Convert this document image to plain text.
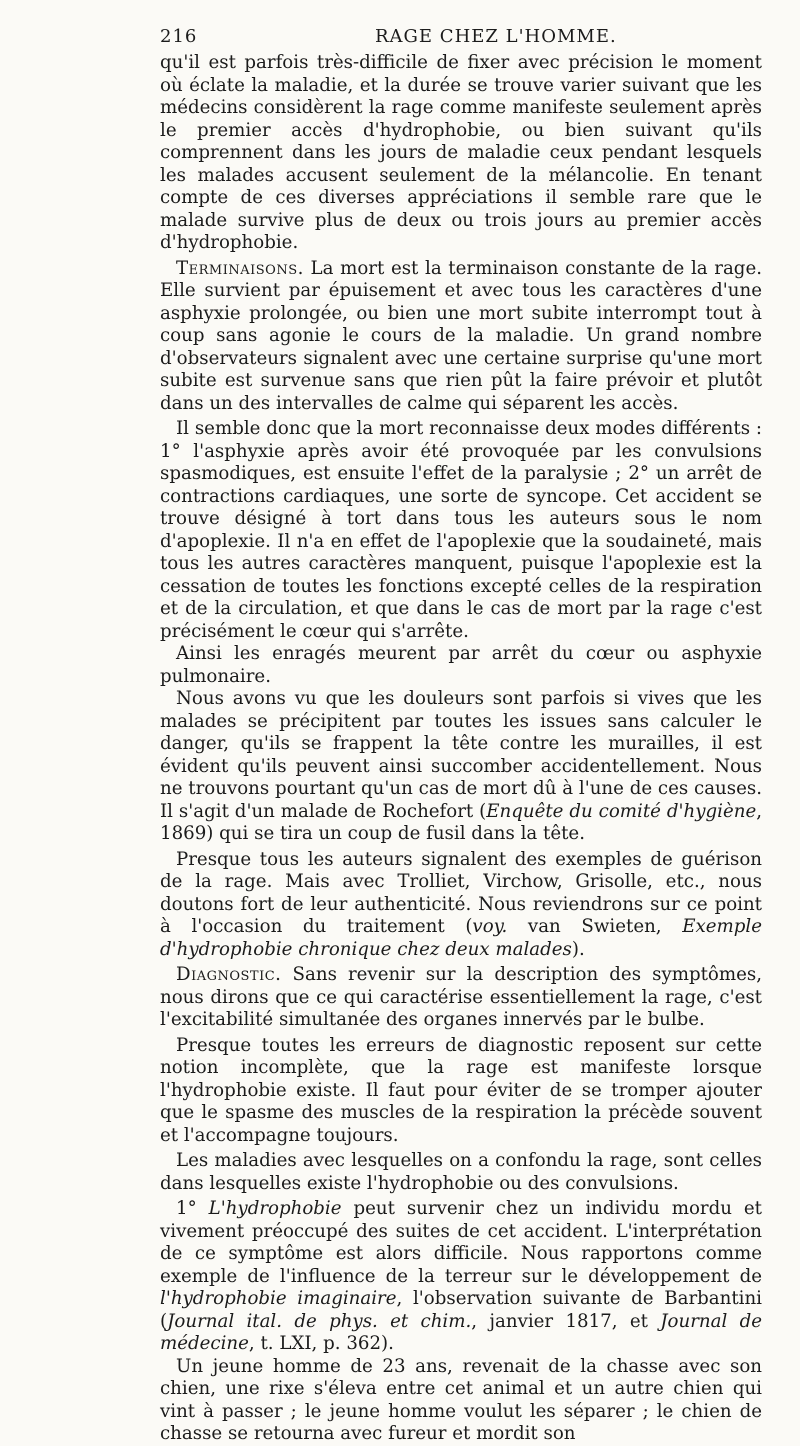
216	RAGE CHEZ L'HOMME.

qu'il est parfois très-difficile de fixer avec précision le moment où éclate la maladie, et la durée se trouve varier suivant que les médecins considèrent la rage comme manifeste seulement après le premier accès d'hydrophobie, ou bien suivant qu'ils comprennent dans les jours de maladie ceux pendant lesquels les malades accusent seulement de la mélancolie. En tenant compte de ces diverses appréciations il semble rare que le malade survive plus de deux ou trois jours au premier accès d'hydrophobie.

Terminaisons. La mort est la terminaison constante de la rage. Elle survient par épuisement et avec tous les caractères d'une asphyxie prolongée, ou bien une mort subite interrompt tout à coup sans agonie le cours de la maladie. Un grand nombre d'observateurs signalent avec une certaine surprise qu'une mort subite est survenue sans que rien pût la faire prévoir et plutôt dans un des intervalles de calme qui séparent les accès.

Il semble donc que la mort reconnaisse deux modes différents : 1° l'asphyxie après avoir été provoquée par les convulsions spasmodiques, est ensuite l'effet de la paralysie ; 2° un arrêt de contractions cardiaques, une sorte de syncope. Cet accident se trouve désigné à tort dans tous les auteurs sous le nom d'apoplexie. Il n'a en effet de l'apoplexie que la soudaineté, mais tous les autres caractères manquent, puisque l'apoplexie est la cessation de toutes les fonctions excepté celles de la respiration et de la circulation, et que dans le cas de mort par la rage c'est précisément le cœur qui s'arrête.

Ainsi les enragés meurent par arrêt du cœur ou asphyxie pulmonaire.

Nous avons vu que les douleurs sont parfois si vives que les malades se précipitent par toutes les issues sans calculer le danger, qu'ils se frappent la tête contre les murailles, il est évident qu'ils peuvent ainsi succomber accidentellement. Nous ne trouvons pourtant qu'un cas de mort dû à l'une de ces causes. Il s'agit d'un malade de Rochefort (Enquête du comité d'hygiène, 1869) qui se tira un coup de fusil dans la tête.

Presque tous les auteurs signalent des exemples de guérison de la rage. Mais avec Trolliet, Virchow, Grisolle, etc., nous doutons fort de leur authenticité. Nous reviendrons sur ce point à l'occasion du traitement (voy. van Swieten, Exemple d'hydrophobie chronique chez deux malades).

Diagnostic. Sans revenir sur la description des symptômes, nous dirons que ce qui caractérise essentiellement la rage, c'est l'excitabilité simultanée des organes innervés par le bulbe.

Presque toutes les erreurs de diagnostic reposent sur cette notion incomplète, que la rage est manifeste lorsque l'hydrophobie existe. Il faut pour éviter de se tromper ajouter que le spasme des muscles de la respiration la précède souvent et l'accompagne toujours.

Les maladies avec lesquelles on a confondu la rage, sont celles dans lesquelles existe l'hydrophobie ou des convulsions.

1° L'hydrophobie peut survenir chez un individu mordu et vivement préoccupé des suites de cet accident. L'interprétation de ce symptôme est alors difficile. Nous rapportons comme exemple de l'influence de la terreur sur le développement de l'hydrophobie imaginaire, l'observation suivante de Barbantini (Journal ital. de phys. et chim., janvier 1817, et Journal de médecine, t. LXI, p. 362).

Un jeune homme de 23 ans, revenait de la chasse avec son chien, une rixe s'éleva entre cet animal et un autre chien qui vint à passer ; le jeune homme voulut les séparer ; le chien de chasse se retourna avec fureur et mordit son
